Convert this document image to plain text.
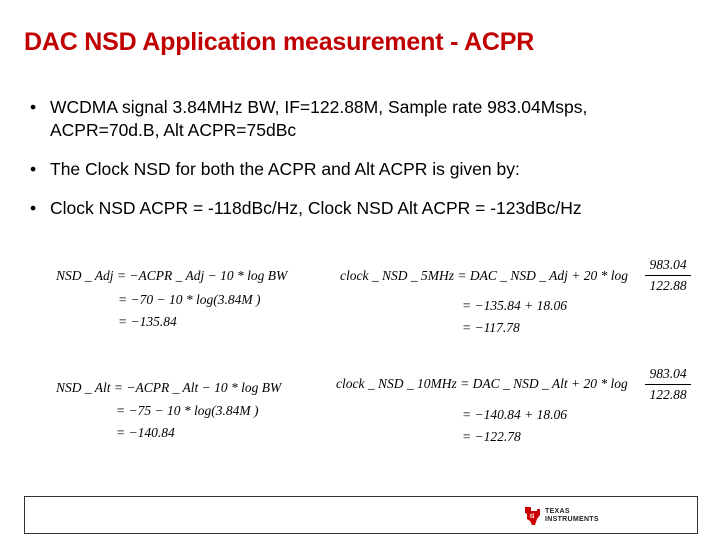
DAC NSD Application measurement - ACPR
• WCDMA signal 3.84MHz BW, IF=122.88M, Sample rate 983.04Msps, ACPR=70d.B, Alt ACPR=75dBc
• The Clock NSD for both the ACPR and Alt ACPR is given by:
• Clock NSD ACPR = -118dBc/Hz, Clock NSD Alt ACPR = -123dBc/Hz
NSD _ Adj = −ACPR _ Adj − 10 * log BW
= −70 − 10 * log(3.84M )
= −135.84
clock _ NSD _ 5MHz = DAC _ NSD _ Adj + $20 * \log \frac{983.04}{122.88}$
= −135.84 + 18.06
= −117.78
NSD _ Alt = −ACPR _ Alt − 10 * log BW
= −75 − 10 * log(3.84M )
= −140.84
clock _ NSD _ 10MHz = DAC _ NSD _ Alt + $20 * \log \frac{983.04}{122.88}$
= −140.84 + 18.06
= −122.78
ti
TEXAS
INSTRUMENTS
